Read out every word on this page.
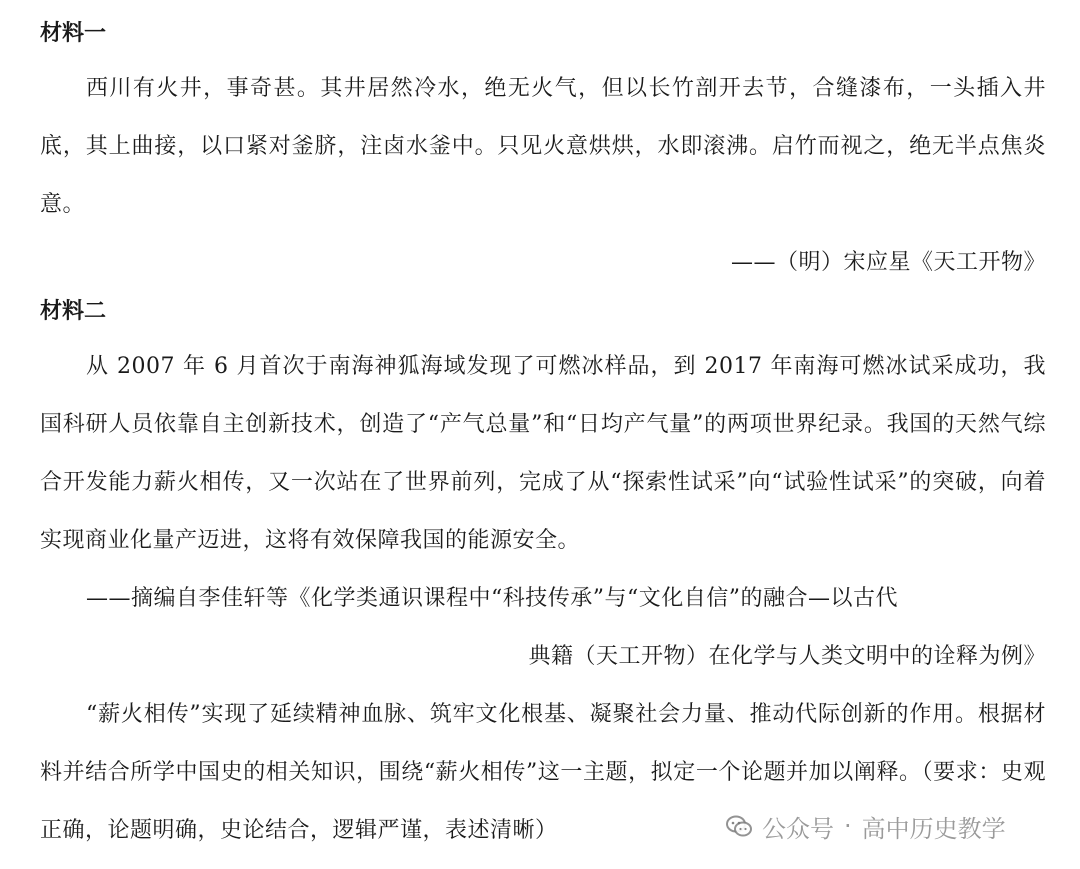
材料一

西川有火井，事奇甚。其井居然冷水，绝无火气，但以长竹剖开去节，合缝漆布，一头插入井底，其上曲接，以口紧对釜脐，注卤水釜中。只见火意烘烘，水即滚沸。启竹而视之，绝无半点焦炎意。

——（明）宋应星《天工开物》

材料二

从 2007 年 6 月首次于南海神狐海域发现了可燃冰样品，到 2017 年南海可燃冰试采成功，我国科研人员依靠自主创新技术，创造了“产气总量”和“日均产气量”的两项世界纪录。我国的天然气综合开发能力薪火相传，又一次站在了世界前列，完成了从“探索性试采”向“试验性试采”的突破，向着实现商业化量产迈进，这将有效保障我国的能源安全。

——摘编自李佳轩等《化学类通识课程中“科技传承”与“文化自信”的融合—以古代

典籍（天工开物）在化学与人类文明中的诠释为例》

“薪火相传”实现了延续精神血脉、筑牢文化根基、凝聚社会力量、推动代际创新的作用。根据材料并结合所学中国史的相关知识，围绕“薪火相传”这一主题，拟定一个论题并加以阐释。（要求：史观正确，论题明确，史论结合，逻辑严谨，表述清晰）	公众号 · 高中历史教学
